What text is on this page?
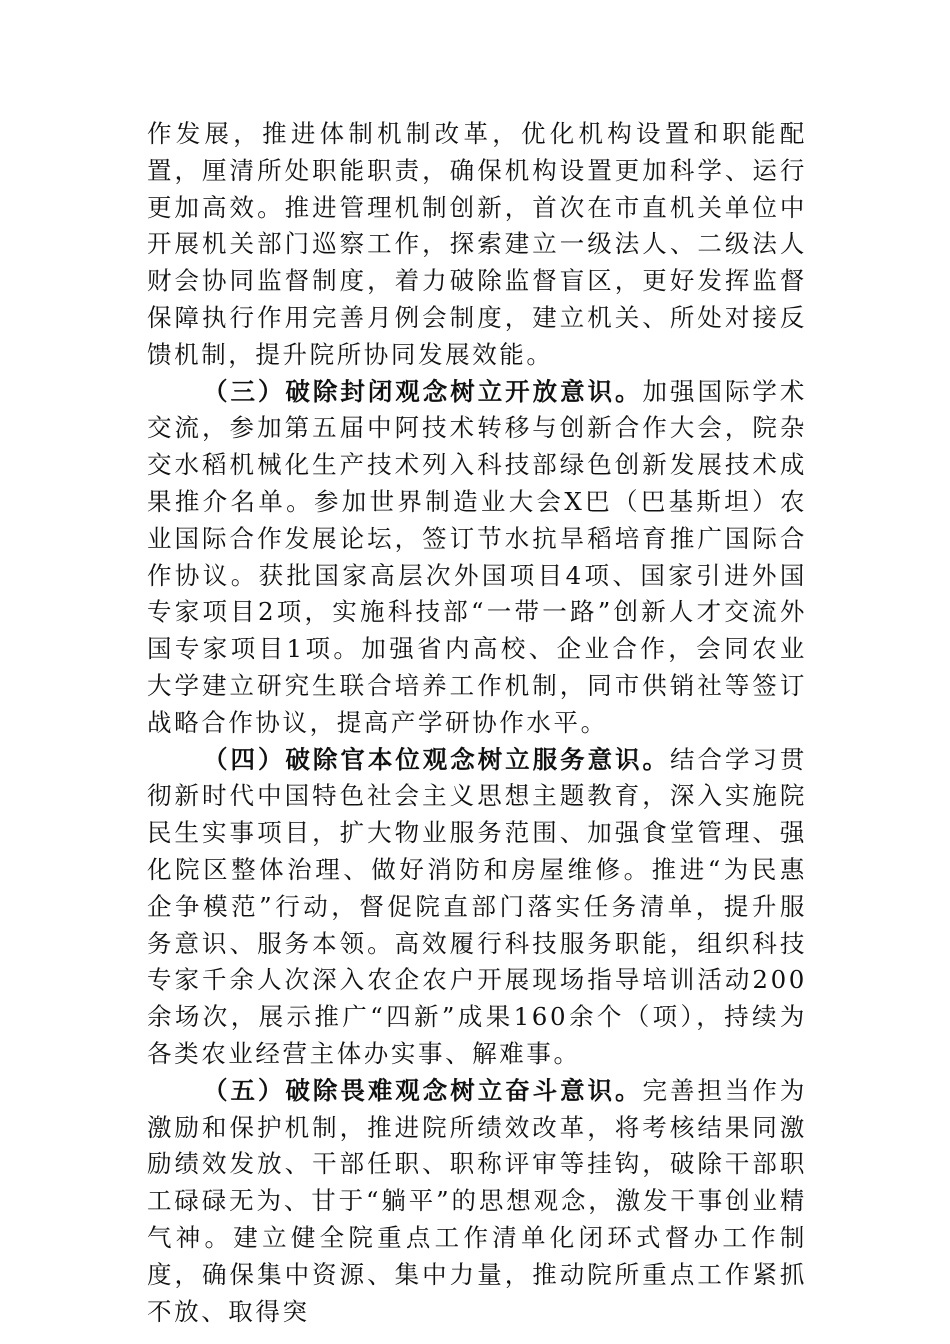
作发展，推进体制机制改革，优化机构设置和职能配置，厘清所处职能职责，确保机构设置更加科学、运行更加高效。推进管理机制创新，首次在市直机关单位中开展机关部门巡察工作，探索建立一级法人、二级法人财会协同监督制度，着力破除监督盲区，更好发挥监督保障执行作用完善月例会制度，建立机关、所处对接反馈机制，提升院所协同发展效能。

（三）破除封闭观念树立开放意识。加强国际学术交流，参加第五届中阿技术转移与创新合作大会，院杂交水稻机械化生产技术列入科技部绿色创新发展技术成果推介名单。参加世界制造业大会X巴（巴基斯坦）农业国际合作发展论坛，签订节水抗旱稻培育推广国际合作协议。获批国家高层次外国项目4项、国家引进外国专家项目2项，实施科技部“一带一路”创新人才交流外国专家项目1项。加强省内高校、企业合作，会同农业大学建立研究生联合培养工作机制，同市供销社等签订战略合作协议，提高产学研协作水平。

（四）破除官本位观念树立服务意识。结合学习贯彻新时代中国特色社会主义思想主题教育，深入实施院民生实事项目，扩大物业服务范围、加强食堂管理、强化院区整体治理、做好消防和房屋维修。推进“为民惠企争模范”行动，督促院直部门落实任务清单，提升服务意识、服务本领。高效履行科技服务职能，组织科技专家千余人次深入农企农户开展现场指导培训活动200余场次，展示推广“四新”成果160余个（项），持续为各类农业经营主体办实事、解难事。

（五）破除畏难观念树立奋斗意识。完善担当作为激励和保护机制，推进院所绩效改革，将考核结果同激励绩效发放、干部任职、职称评审等挂钩，破除干部职工碌碌无为、甘于“躺平”的思想观念，激发干事创业精气神。建立健全院重点工作清单化闭环式督办工作制度，确保集中资源、集中力量，推动院所重点工作紧抓不放、取得突
